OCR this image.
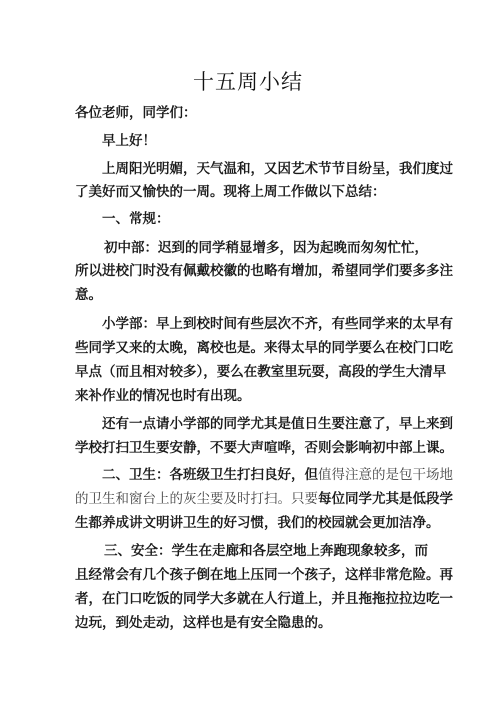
十五周小结
各位老师，同学们：
早上好！
上周阳光明媚，天气温和，又因艺术节节目纷呈，我们度过
了美好而又愉快的一周。现将上周工作做以下总结：
一、常规：
初中部：迟到的同学稍显增多，因为起晚而匆匆忙忙，
所以进校门时没有佩戴校徽的也略有增加，希望同学们要多多注
意。
小学部：早上到校时间有些层次不齐，有些同学来的太早有
些同学又来的太晚，离校也是。来得太早的同学要么在校门口吃
早点（而且相对较多），要么在教室里玩耍，高段的学生大清早
来补作业的情况也时有出现。
还有一点请小学部的同学尤其是值日生要注意了，早上来到
学校打扫卫生要安静，不要大声喧哗，否则会影响初中部上课。
二、卫生：各班级卫生打扫良好，但值得注意的是包干场地
的卫生和窗台上的灰尘要及时打扫。只要每位同学尤其是低段学
生都养成讲文明讲卫生的好习惯，我们的校园就会更加洁净。
三、安全：学生在走廊和各层空地上奔跑现象较多，而
且经常会有几个孩子倒在地上压同一个孩子，这样非常危险。再
者，在门口吃饭的同学大多就在人行道上，并且拖拖拉拉边吃一
边玩，到处走动，这样也是有安全隐患的。
